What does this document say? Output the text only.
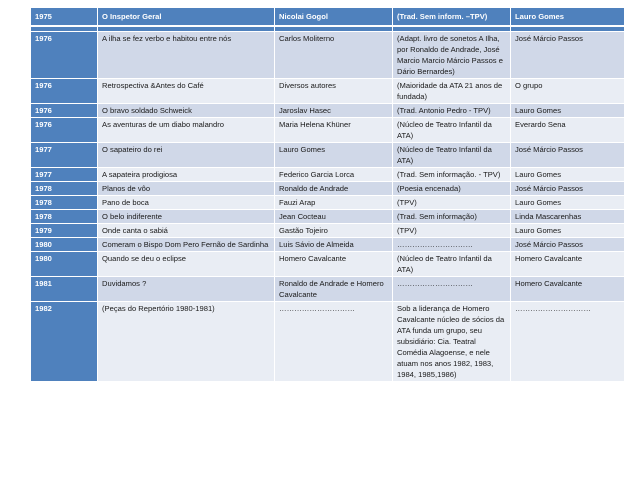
1975	O Inspetor Geral	Nicolai Gogol	(Trad. Sem inform. –TPV)	Lauro Gomes

1976	A ilha se fez verbo e habitou entre nós	Carlos Moliterno	(Adapt. livro de sonetos A Ilha, por Ronaldo de Andrade, José Marcio Marcio Márcio Passos e Dário Bernardes)	José Márcio Passos
1976	Retrospectiva &Antes do Café	Diversos autores	(Maioridade da ATA 21 anos de fundada)	O grupo
1976	O bravo soldado Schweick	Jaroslav Hasec	(Trad. Antonio Pedro - TPV)	Lauro Gomes
1976	As aventuras de um diabo malandro	Maria Helena Khüner	(Núcleo de Teatro Infantil da ATA)	Everardo Sena
1977	O sapateiro do rei	Lauro Gomes	(Núcleo de Teatro Infantil da ATA)	José Márcio Passos
1977	A sapateira prodigiosa	Federico Garcia Lorca	(Trad. Sem informação. - TPV)	Lauro Gomes
1978	Planos de vôo	Ronaldo de Andrade	(Poesia encenada)	José Márcio Passos
1978	Pano de boca	Fauzi Arap	(TPV)	Lauro Gomes
1978	O belo indiferente	Jean Cocteau	(Trad. Sem informação)	Linda Mascarenhas
1979	Onde canta o sabiá	Gastão Tojeiro	(TPV)	Lauro Gomes
1980	Comeram o Bispo Dom Pero Fernão de Sardinha	Luis Sávio de Almeida	…………………………	José Márcio Passos
1980	Quando se deu o eclipse	Homero Cavalcante	(Núcleo de Teatro Infantil da ATA)	Homero Cavalcante
1981	Duvidamos ?	Ronaldo de Andrade e Homero Cavalcante	…………………………	Homero Cavalcante
1982	(Peças do Repertório 1980-1981)	…………………………	Sob a liderança de Homero Cavalcante núcleo de sócios da ATA funda um grupo, seu subsidiário: Cia. Teatral Comédia Alagoense, e nele atuam nos anos 1982, 1983, 1984, 1985,1986)	…………………………
